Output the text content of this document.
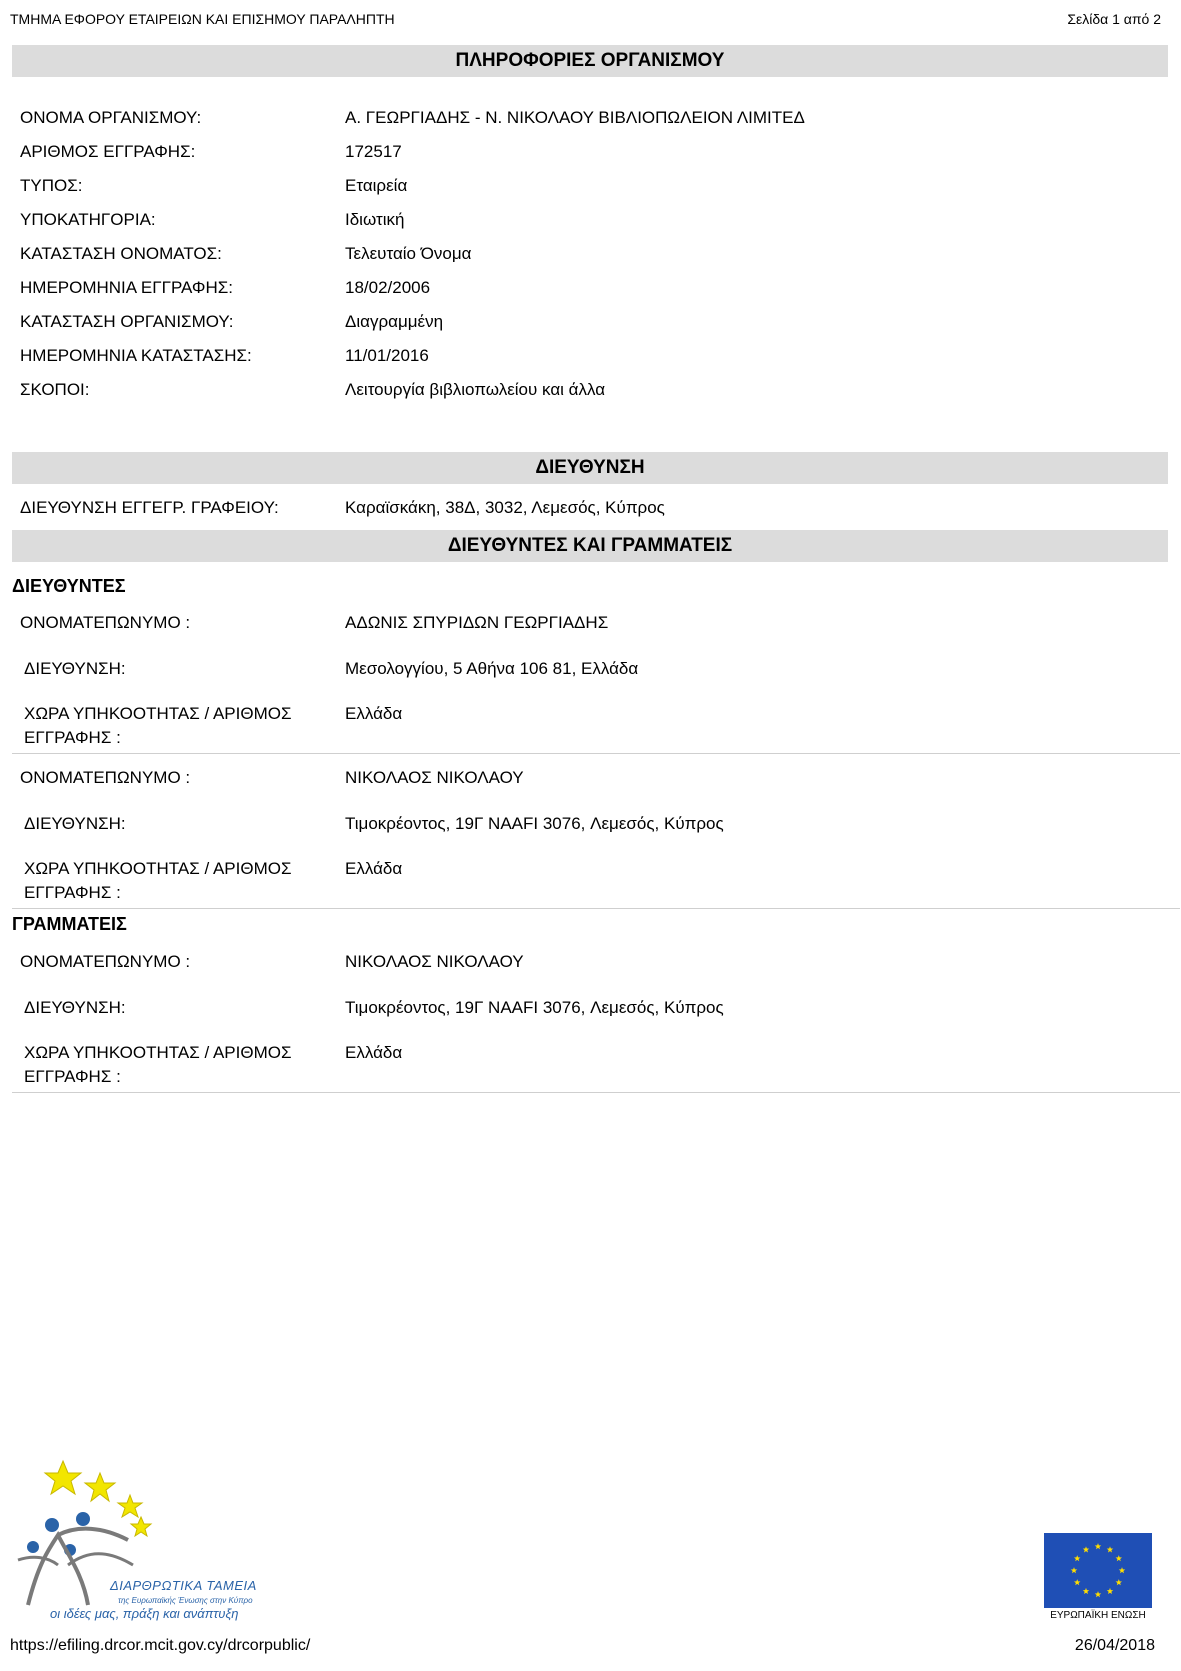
ΤΜΗΜΑ ΕΦΟΡΟΥ ΕΤΑΙΡΕΙΩΝ ΚΑΙ ΕΠΙΣΗΜΟΥ ΠΑΡΑΛΗΠΤΗ	Σελίδα 1 από 2
ΠΛΗΡΟΦΟΡΙΕΣ ΟΡΓΑΝΙΣΜΟΥ
ΟΝΟΜΑ ΟΡΓΑΝΙΣΜΟΥ:	Α. ΓΕΩΡΓΙΑΔΗΣ - Ν. ΝΙΚΟΛΑΟΥ ΒΙΒΛΙΟΠΩΛΕΙΟΝ ΛΙΜΙΤΕΔ
ΑΡΙΘΜΟΣ ΕΓΓΡΑΦΗΣ:	172517
ΤΥΠΟΣ:	Εταιρεία
ΥΠΟΚΑΤΗΓΟΡΙΑ:	Ιδιωτική
ΚΑΤΑΣΤΑΣΗ ΟΝΟΜΑΤΟΣ:	Τελευταίο Όνομα
ΗΜΕΡΟΜΗΝΙΑ ΕΓΓΡΑΦΗΣ:	18/02/2006
ΚΑΤΑΣΤΑΣΗ ΟΡΓΑΝΙΣΜΟΥ:	Διαγραμμένη
ΗΜΕΡΟΜΗΝΙΑ ΚΑΤΑΣΤΑΣΗΣ:	11/01/2016
ΣΚΟΠΟΙ:	Λειτουργία βιβλιοπωλείου και άλλα
ΔΙΕΥΘΥΝΣΗ
ΔΙΕΥΘΥΝΣΗ ΕΓΓΕΓΡ. ΓΡΑΦΕΙΟΥ:	Καραϊσκάκη, 38Δ, 3032, Λεμεσός, Κύπρος
ΔΙΕΥΘΥΝΤΕΣ ΚΑΙ ΓΡΑΜΜΑΤΕΙΣ
ΔΙΕΥΘΥΝΤΕΣ
ΟΝΟΜΑΤΕΠΩΝΥΜΟ :	ΑΔΩΝΙΣ ΣΠΥΡΙΔΩΝ ΓΕΩΡΓΙΑΔΗΣ
ΔΙΕΥΘΥΝΣΗ:	Μεσολογγίου, 5 Αθήνα 106 81, Ελλάδα
ΧΩΡΑ ΥΠΗΚΟΟΤΗΤΑΣ / ΑΡΙΘΜΟΣ ΕΓΓΡΑΦΗΣ :
Ελλάδα
ΟΝΟΜΑΤΕΠΩΝΥΜΟ :	ΝΙΚΟΛΑΟΣ ΝΙΚΟΛΑΟΥ
ΔΙΕΥΘΥΝΣΗ:	Τιμοκρέοντος, 19Γ NAAFI 3076, Λεμεσός, Κύπρος
ΧΩΡΑ ΥΠΗΚΟΟΤΗΤΑΣ / ΑΡΙΘΜΟΣ ΕΓΓΡΑΦΗΣ :
Ελλάδα
ΓΡΑΜΜΑΤΕΙΣ
ΟΝΟΜΑΤΕΠΩΝΥΜΟ :	ΝΙΚΟΛΑΟΣ ΝΙΚΟΛΑΟΥ
ΔΙΕΥΘΥΝΣΗ:	Τιμοκρέοντος, 19Γ NAAFI 3076, Λεμεσός, Κύπρος
ΧΩΡΑ ΥΠΗΚΟΟΤΗΤΑΣ / ΑΡΙΘΜΟΣ ΕΓΓΡΑΦΗΣ :
Ελλάδα
ΔΙΑΡΘΡΩΤΙΚΑ ΤΑΜΕΙΑ
της Ευρωπαϊκής Ένωσης στην Κύπρο
οι ιδέες μας, πράξη και ανάπτυξη	ΕΥΡΩΠΑΪΚΗ ΕΝΩΣΗ
https://efiling.drcor.mcit.gov.cy/drcorpublic/	26/04/2018
